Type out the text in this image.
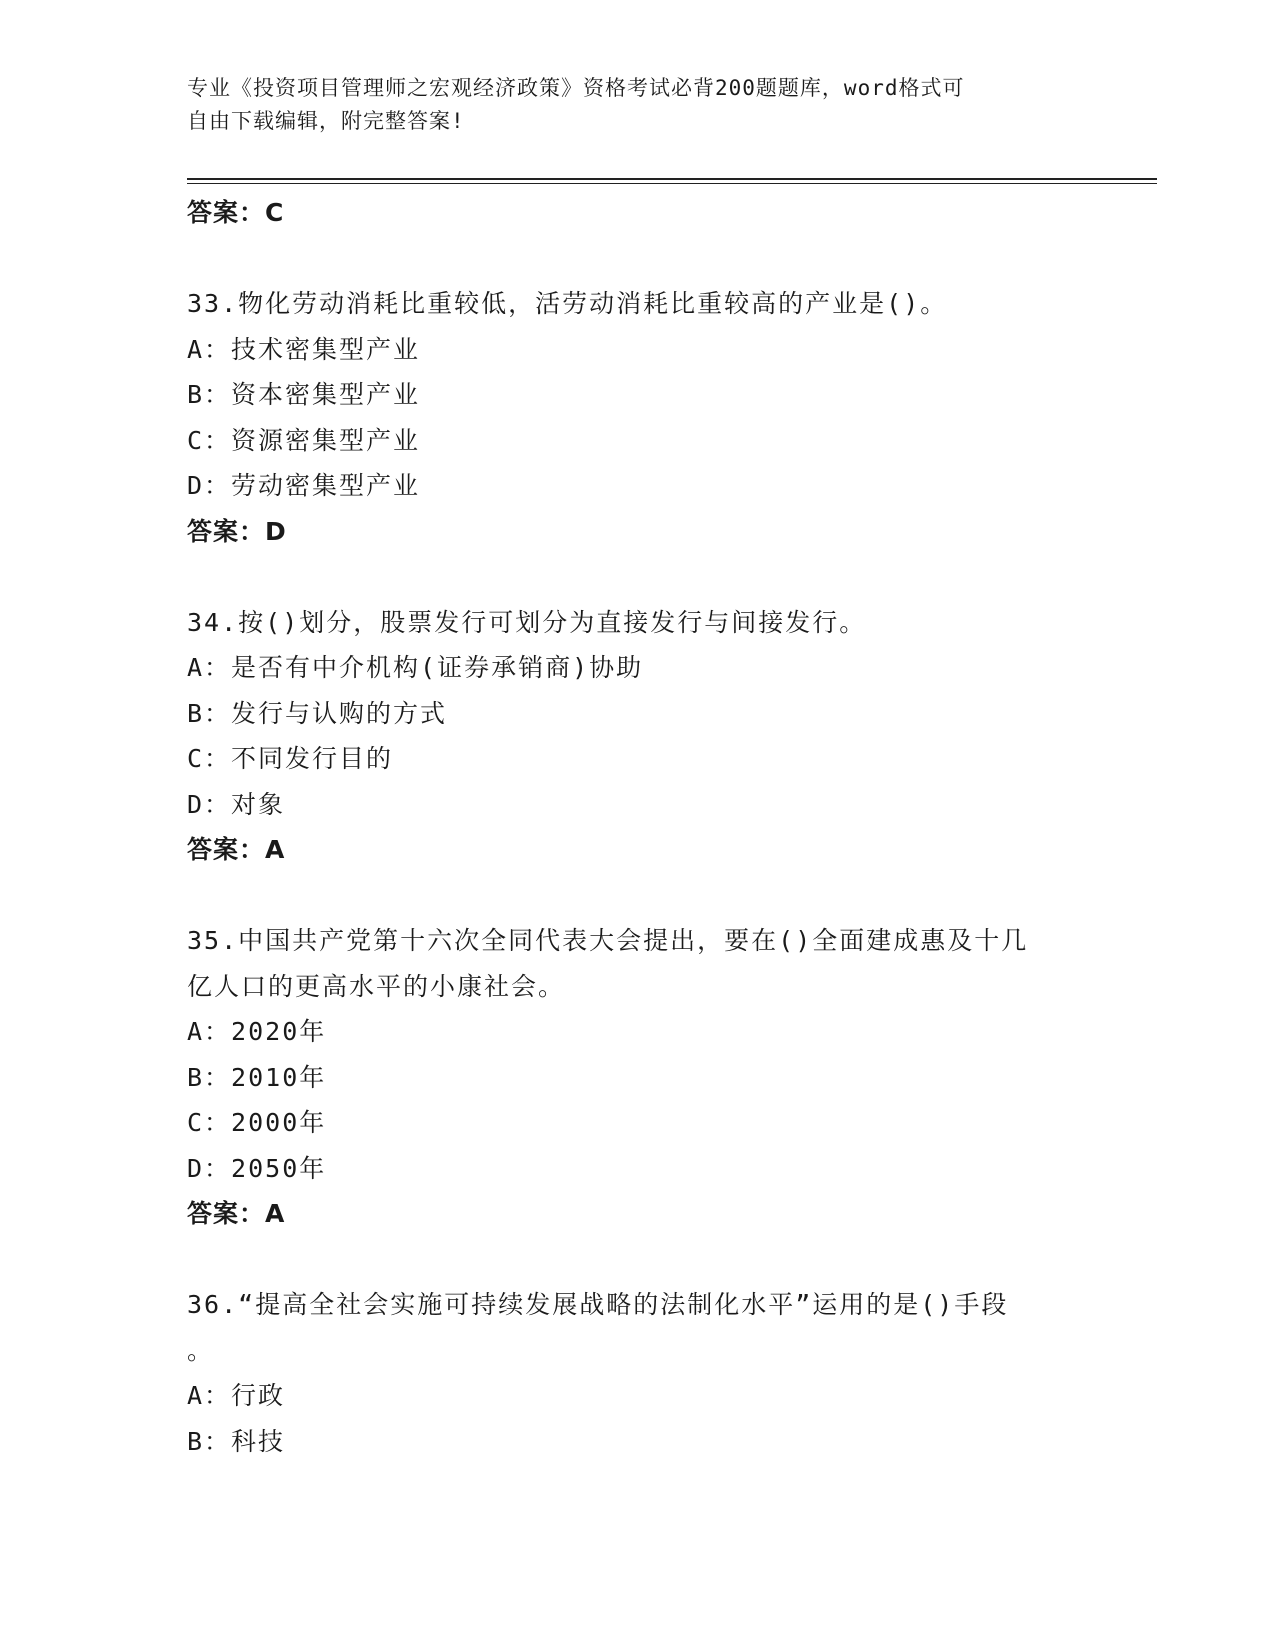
专业《投资项目管理师之宏观经济政策》资格考试必背200题题库，word格式可
自由下载编辑，附完整答案!
答案：C
33.物化劳动消耗比重较低，活劳动消耗比重较高的产业是()。
A：技术密集型产业
B：资本密集型产业
C：资源密集型产业
D：劳动密集型产业
答案：D
34.按()划分，股票发行可划分为直接发行与间接发行。
A：是否有中介机构(证券承销商)协助
B：发行与认购的方式
C：不同发行目的
D：对象
答案：A
35.中国共产党第十六次全同代表大会提出，要在()全面建成惠及十几
亿人口的更高水平的小康社会。
A：2020年
B：2010年
C：2000年
D：2050年
答案：A
36.“提高全社会实施可持续发展战略的法制化水平”运用的是()手段
。
A：行政
B：科技
